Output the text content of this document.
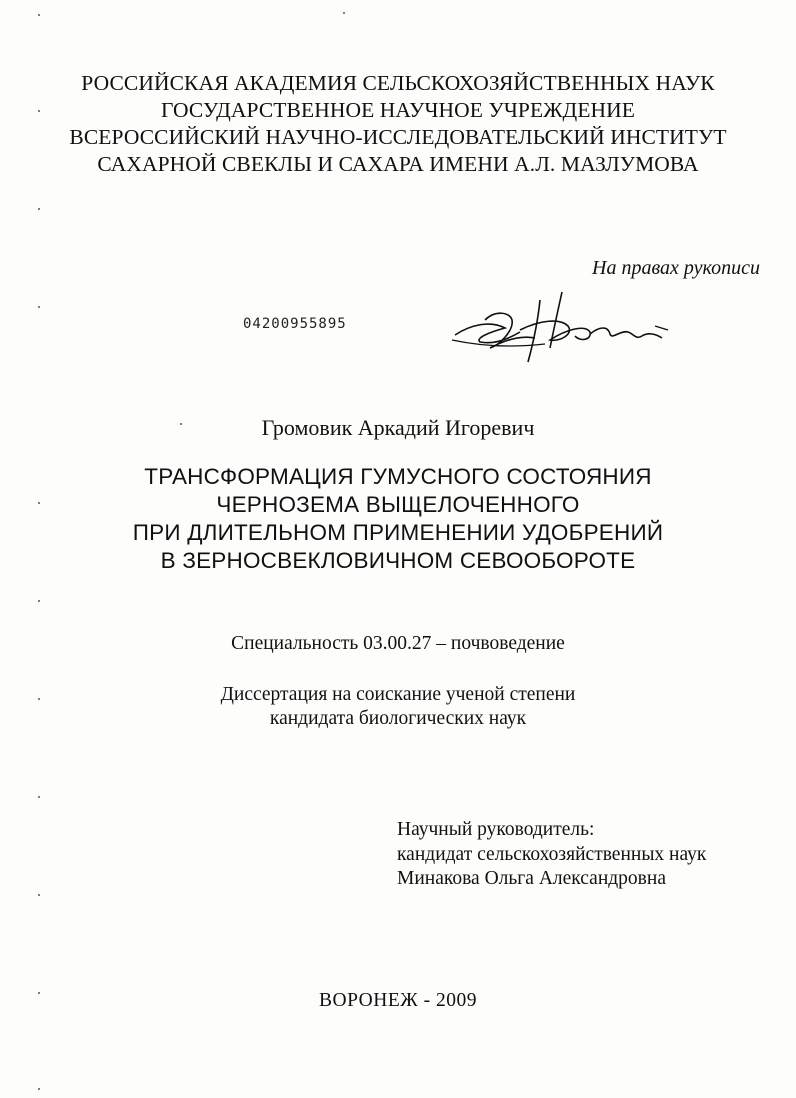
РОССИЙСКАЯ АКАДЕМИЯ СЕЛЬСКОХОЗЯЙСТВЕННЫХ НАУК
ГОСУДАРСТВЕННОЕ НАУЧНОЕ УЧРЕЖДЕНИЕ
ВСЕРОССИЙСКИЙ НАУЧНО-ИССЛЕДОВАТЕЛЬСКИЙ ИНСТИТУТ
САХАРНОЙ СВЕКЛЫ И САХАРА ИМЕНИ А.Л. МАЗЛУМОВА
На правах рукописи
04200955895
Громовик Аркадий Игоревич
ТРАНСФОРМАЦИЯ ГУМУСНОГО СОСТОЯНИЯ
ЧЕРНОЗЕМА ВЫЩЕЛОЧЕННОГО
ПРИ ДЛИТЕЛЬНОМ ПРИМЕНЕНИИ УДОБРЕНИЙ
В ЗЕРНОСВЕКЛОВИЧНОМ СЕВООБОРОТЕ
Специальность 03.00.27 – почвоведение
Диссертация на соискание ученой степени
кандидата биологических наук
Научный руководитель:
кандидат сельскохозяйственных наук
Минакова Ольга Александровна
ВОРОНЕЖ - 2009
